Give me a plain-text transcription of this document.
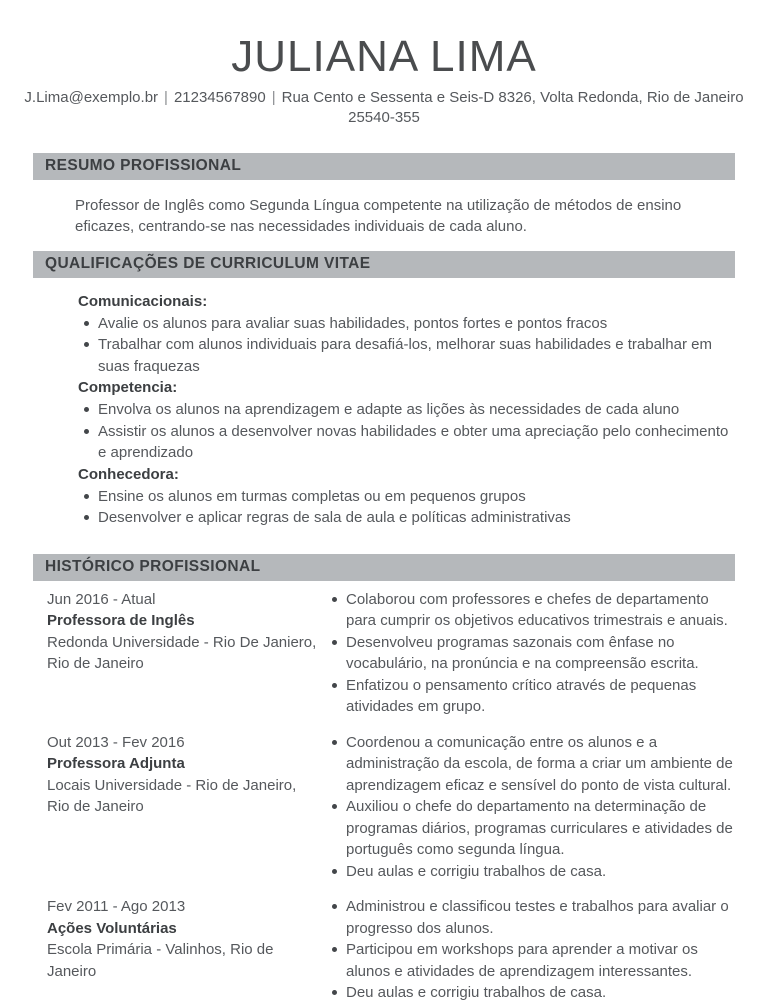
JULIANA LIMA
J.Lima@exemplo.br | 21234567890 | Rua Cento e Sessenta e Seis-D 8326, Volta Redonda, Rio de Janeiro
25540-355
RESUMO PROFISSIONAL

Professor de Inglês como Segunda Língua competente na utilização de métodos de ensino eficazes, centrando-se nas necessidades individuais de cada aluno.

QUALIFICAÇÕES DE CURRICULUM VITAE
Comunicacionais:
Avalie os alunos para avaliar suas habilidades, pontos fortes e pontos fracos
Trabalhar com alunos individuais para desafiá-los, melhorar suas habilidades e trabalhar em suas fraquezas
Competencia:
Envolva os alunos na aprendizagem e adapte as lições às necessidades de cada aluno
Assistir os alunos a desenvolver novas habilidades e obter uma apreciação pelo conhecimento e aprendizado
Conhecedora:
Ensine os alunos em turmas completas ou em pequenos grupos
Desenvolver e aplicar regras de sala de aula e políticas administrativas
HISTÓRICO PROFISSIONAL
Jun 2016 - Atual
Professora de Inglês
Redonda Universidade - Rio De Janiero, Rio de Janeiro
Colaborou com professores e chefes de departamento para cumprir os objetivos educativos trimestrais e anuais.
Desenvolveu programas sazonais com ênfase no vocabulário, na pronúncia e na compreensão escrita.
Enfatizou o pensamento crítico através de pequenas atividades em grupo.
Out 2013 - Fev 2016
Professora Adjunta
Locais Universidade - Rio de Janeiro, Rio de Janeiro
Coordenou a comunicação entre os alunos e a administração da escola, de forma a criar um ambiente de aprendizagem eficaz e sensível do ponto de vista cultural.
Auxiliou o chefe do departamento na determinação de programas diários, programas curriculares e atividades de português como segunda língua.
Deu aulas e corrigiu trabalhos de casa.
Fev 2011 - Ago 2013
Ações Voluntárias
Escola Primária - Valinhos, Rio de Janeiro
Administrou e classificou testes e trabalhos para avaliar o progresso dos alunos.
Participou em workshops para aprender a motivar os alunos e atividades de aprendizagem interessantes.
Deu aulas e corrigiu trabalhos de casa.
